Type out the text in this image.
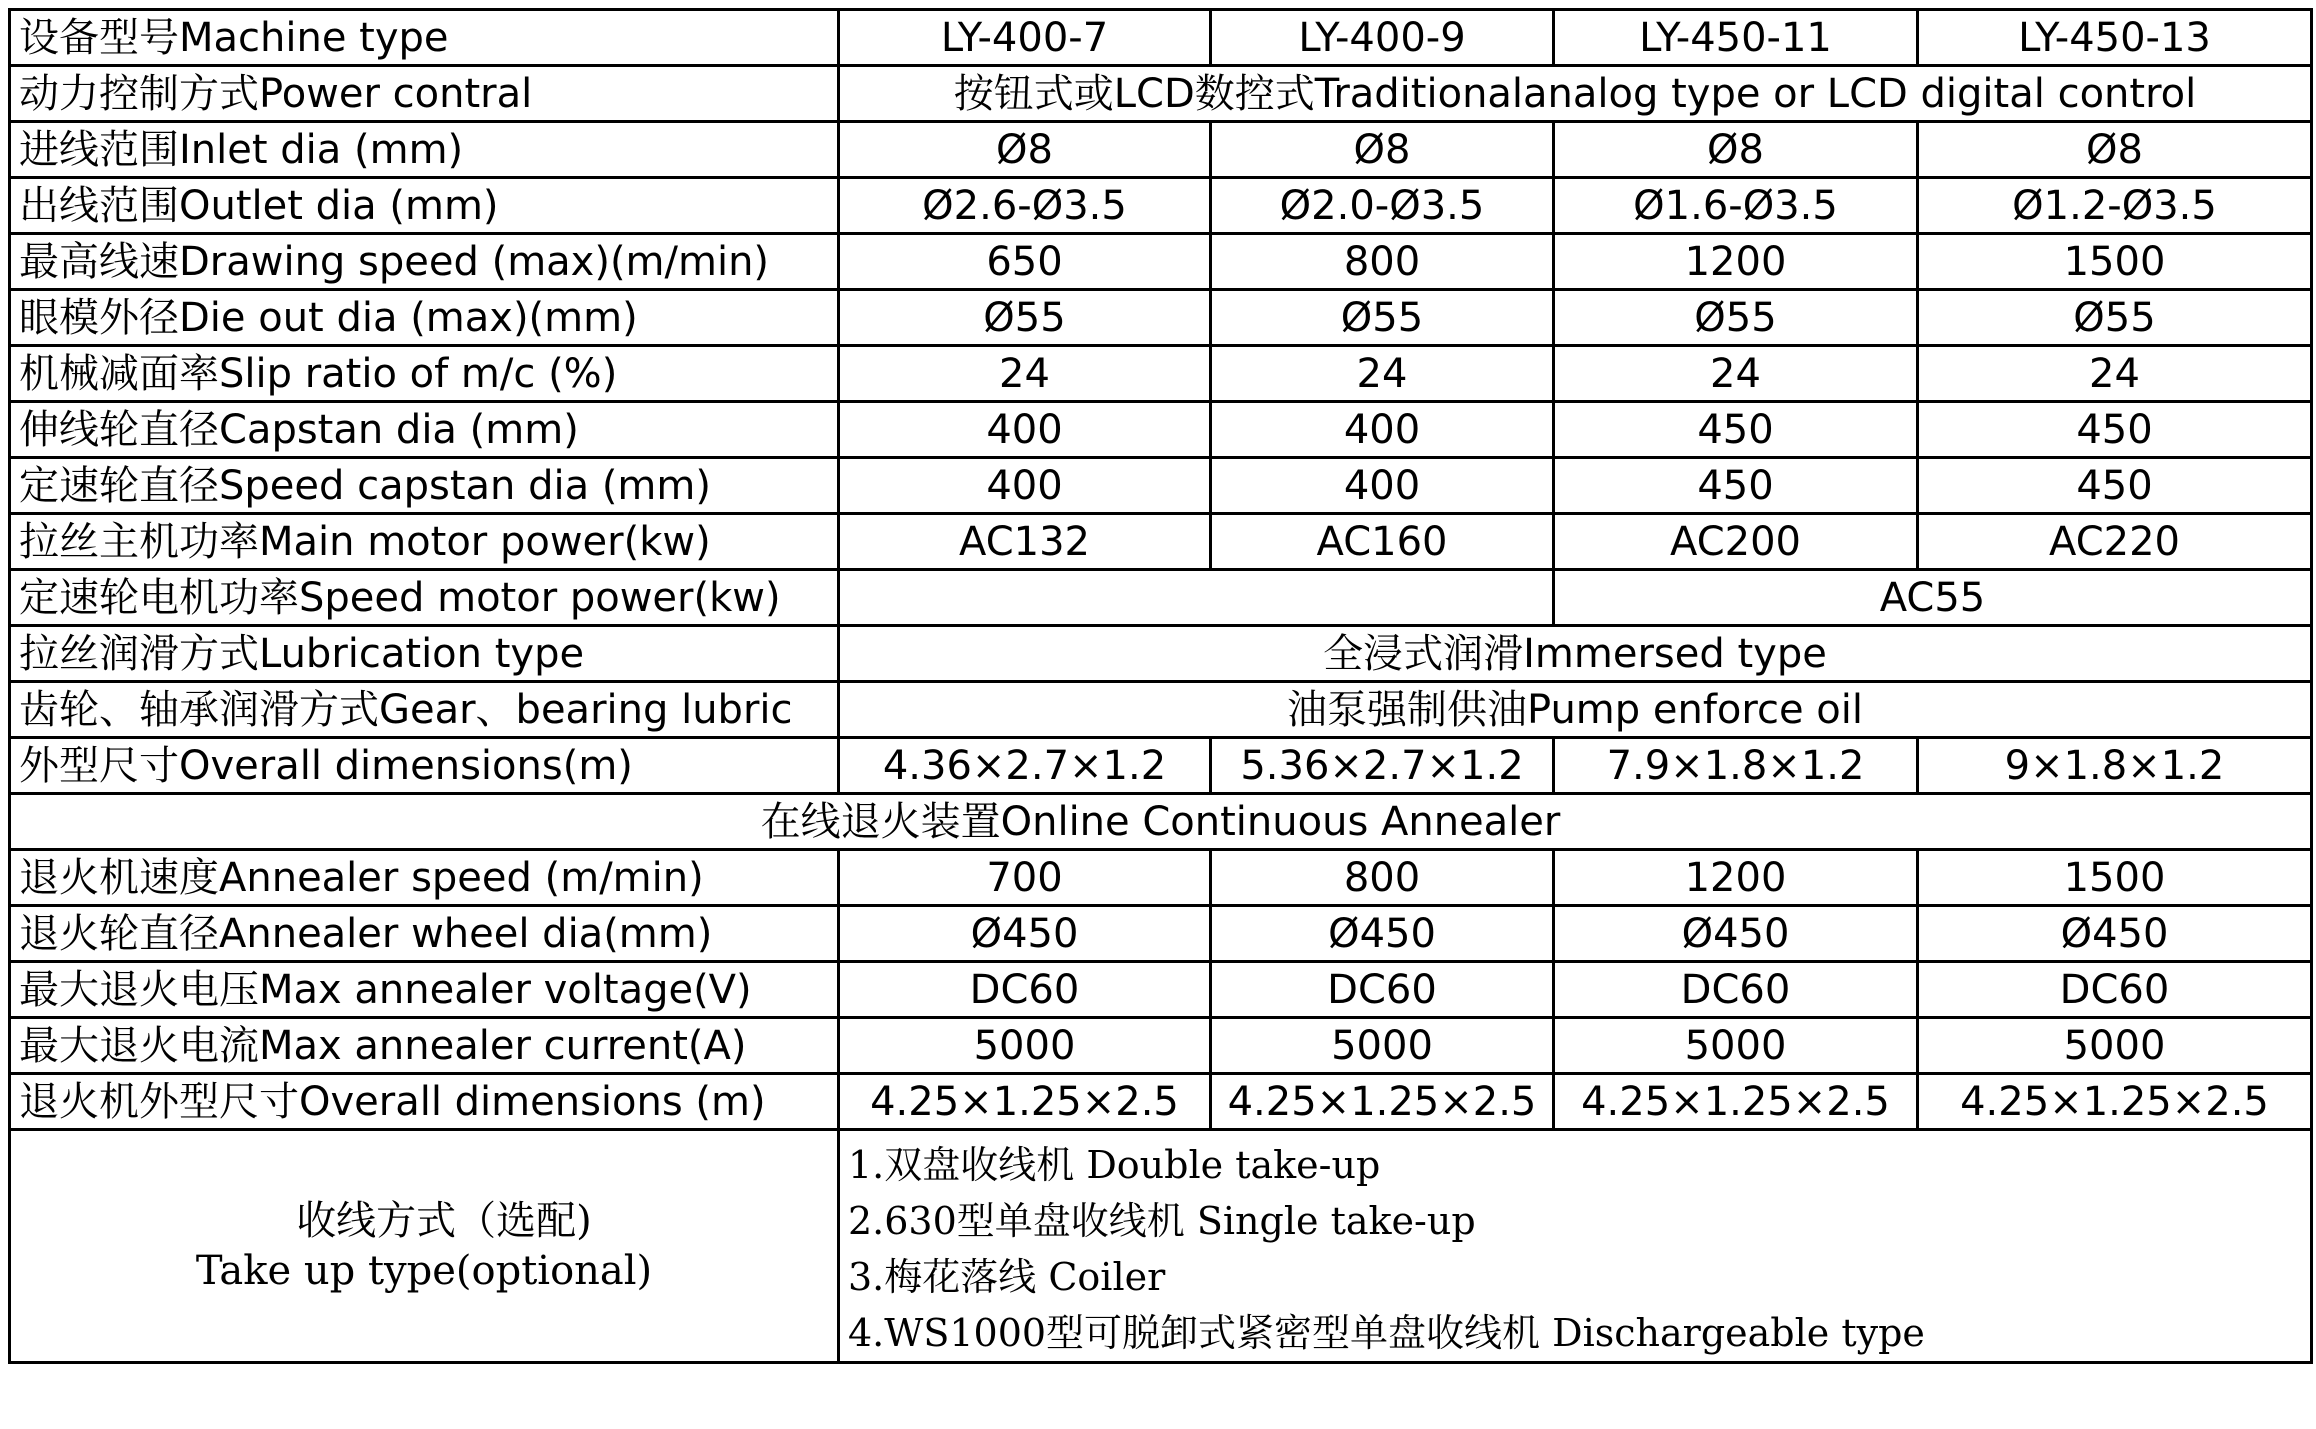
设备型号Machine type	LY-400-7	LY-400-9	LY-450-11	LY-450-13
动力控制方式Power contral	按钮式或LCD数控式Traditionalanalog type or LCD digital control			
进线范围Inlet dia (mm)	Ø8	Ø8	Ø8	Ø8
出线范围Outlet dia (mm)	Ø2.6-Ø3.5	Ø2.0-Ø3.5	Ø1.6-Ø3.5	Ø1.2-Ø3.5
最高线速Drawing speed (max)(m/min)	650	800	1200	1500
眼模外径Die out dia (max)(mm)	Ø55	Ø55	Ø55	Ø55
机械减面率Slip ratio of m/c (%)	24	24	24	24
伸线轮直径Capstan dia (mm)	400	400	450	450
定速轮直径Speed capstan dia (mm)	400	400	450	450
拉丝主机功率Main motor power(kw)	AC132	AC160	AC200	AC220
定速轮电机功率Speed motor power(kw)			AC55	
拉丝润滑方式Lubrication type	全浸式润滑Immersed type			
齿轮、轴承润滑方式Gear、bearing lubric	油泵强制供油Pump enforce oil			
外型尺寸Overall dimensions(m)	4.36×2.7×1.2	5.36×2.7×1.2	7.9×1.8×1.2	9×1.8×1.2
在线退火装置Online Continuous Annealer				
退火机速度Annealer speed (m/min)	700	800	1200	1500
退火轮直径Annealer wheel dia(mm)	Ø450	Ø450	Ø450	Ø450
最大退火电压Max annealer voltage(V)	DC60	DC60	DC60	DC60
最大退火电流Max annealer current(A)	5000	5000	5000	5000
退火机外型尺寸Overall dimensions (m)	4.25×1.25×2.5	4.25×1.25×2.5	4.25×1.25×2.5	4.25×1.25×2.5

收线方式（选配)
Take up type(optional)	1.双盘收线机 Double take-up
2.630型单盘收线机 Single take-up
3.梅花落线 Coiler
4.WS1000型可脱卸式紧密型单盘收线机 Dischargeable type			
